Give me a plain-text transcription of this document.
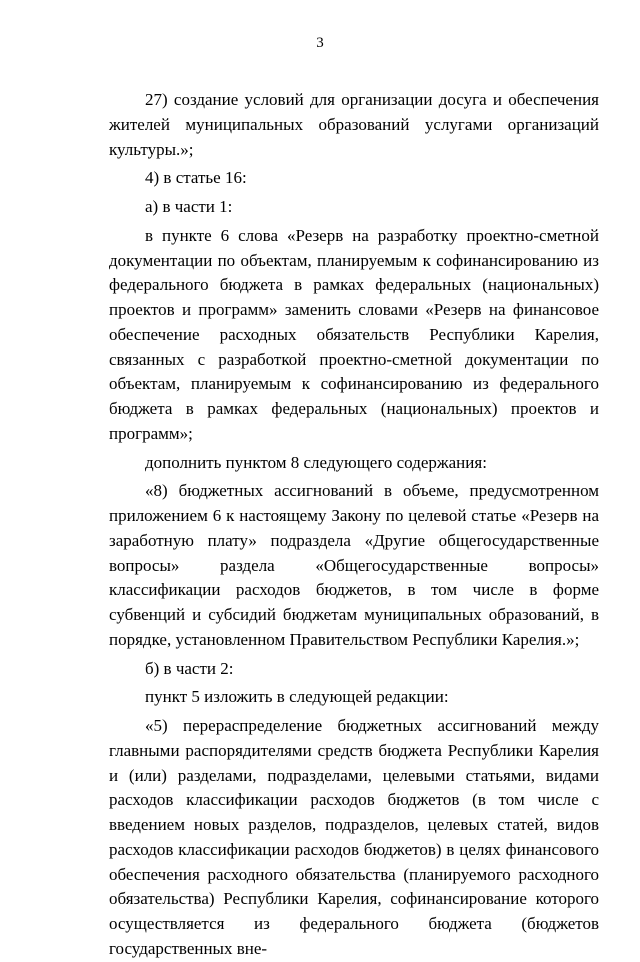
3

27) создание условий для организации досуга и обеспечения жителей муниципальных образований услугами организаций культуры.»;

4) в статье 16:

а) в части 1:

в пункте 6 слова «Резерв на разработку проектно-сметной документации по объектам, планируемым к софинансированию из федерального бюджета в рамках федеральных (национальных) проектов и программ» заменить словами «Резерв на финансовое обеспечение расходных обязательств Республики Карелия, связанных с разработкой проектно-сметной документации по объектам, планируемым к софинансированию из федерального бюджета в рамках федеральных (национальных) проектов и программ»;

дополнить пунктом 8 следующего содержания:

«8) бюджетных ассигнований в объеме, предусмотренном приложением 6 к настоящему Закону по целевой статье «Резерв на заработную плату» подраздела «Другие общегосударственные вопросы» раздела «Общегосударственные вопросы» классификации расходов бюджетов, в том числе в форме субвенций и субсидий бюджетам муниципальных образований, в порядке, установленном Правительством Республики Карелия.»;

б) в части 2:

пункт 5 изложить в следующей редакции:

«5) перераспределение бюджетных ассигнований между главными распорядителями средств бюджета Республики Карелия и (или) разделами, подразделами, целевыми статьями, видами расходов классификации расходов бюджетов (в том числе с введением новых разделов, подразделов, целевых статей, видов расходов классификации расходов бюджетов) в целях финансового обеспечения расходного обязательства (планируемого расходного обязательства) Республики Карелия, софинансирование которого осуществляется из федерального бюджета (бюджетов государственных вне-
